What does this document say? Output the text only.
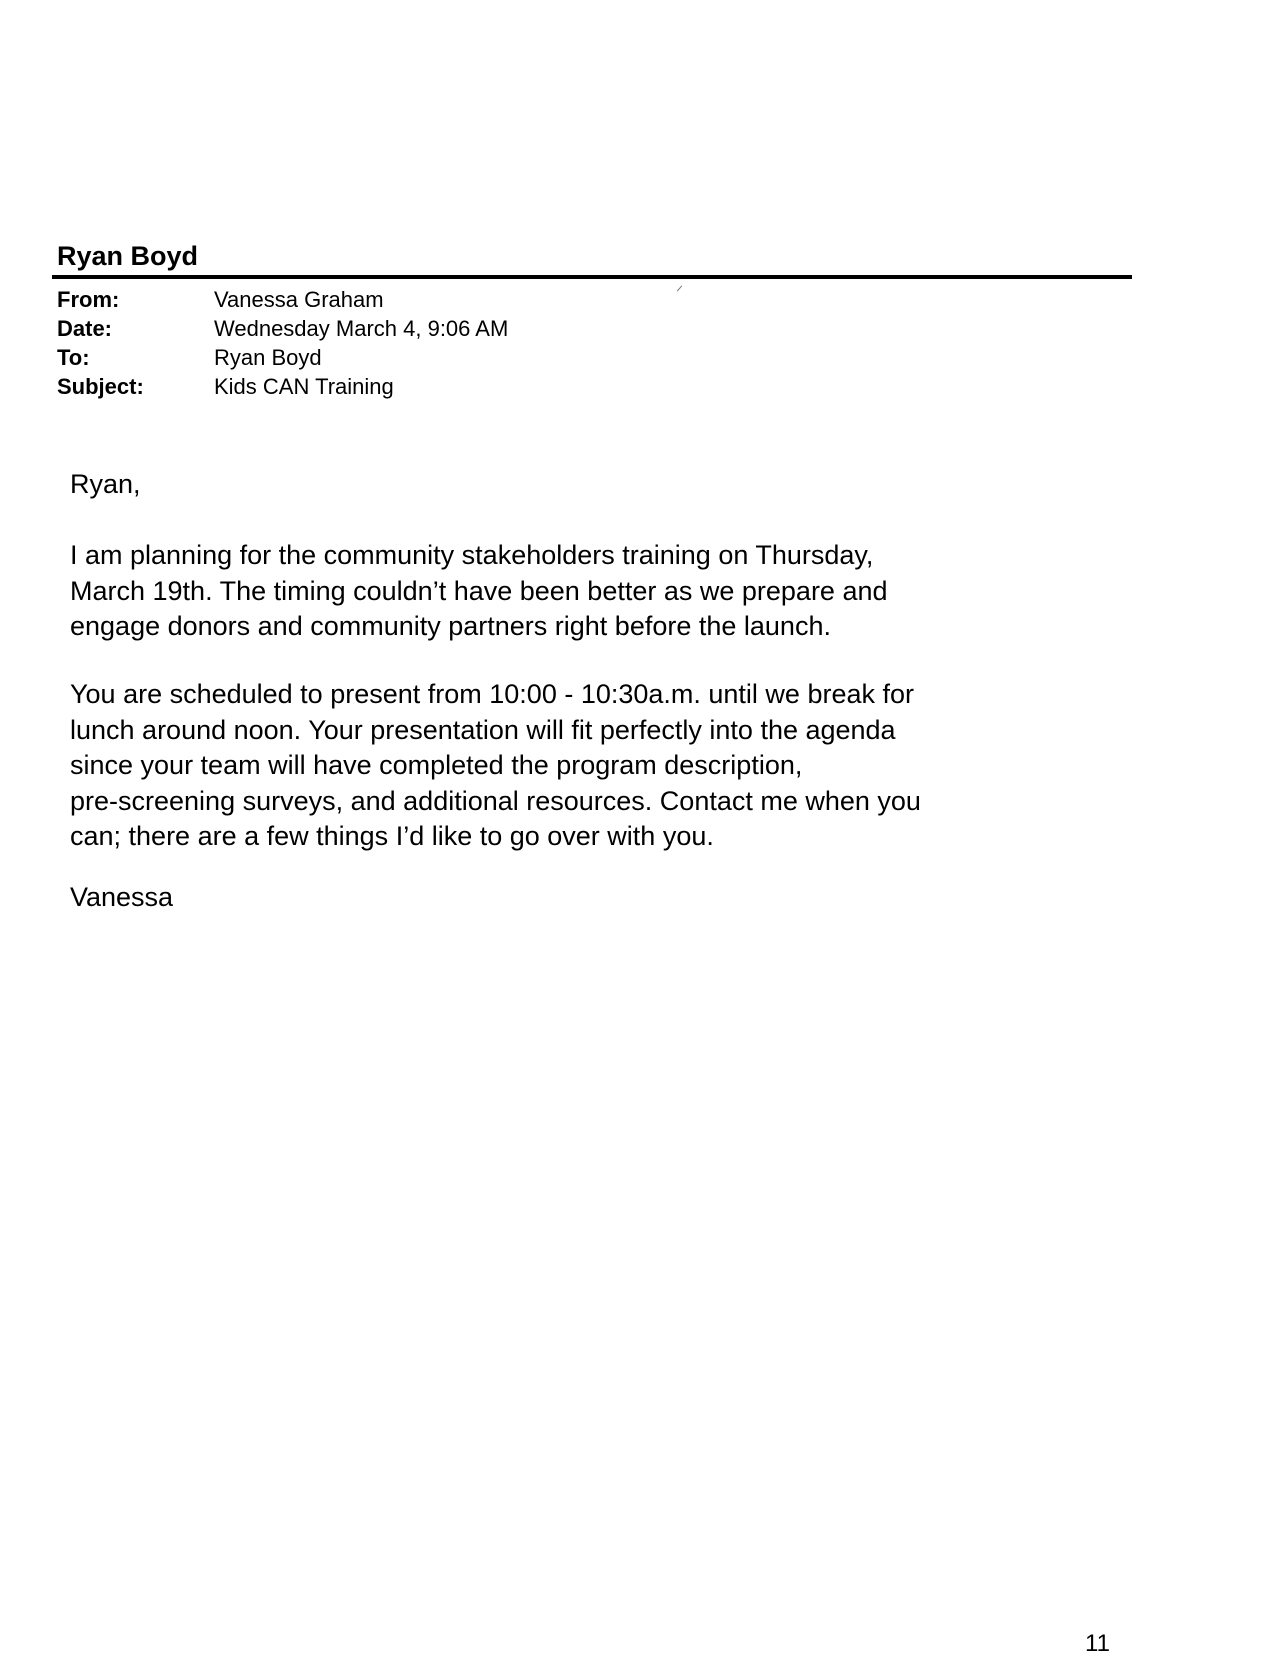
Ryan Boyd
From:	Vanessa Graham
Date:	Wednesday March 4, 9:06 AM
To:	Ryan Boyd
Subject:	Kids CAN Training
Ryan,
I am planning for the community stakeholders training on Thursday,
March 19th. The timing couldn’t have been better as we prepare and
engage donors and community partners right before the launch.
You are scheduled to present from 10:00 - 10:30a.m. until we break for
lunch around noon. Your presentation will fit perfectly into the agenda
since your team will have completed the program description,
pre-screening surveys, and additional resources. Contact me when you
can; there are a few things I’d like to go over with you.
Vanessa
11
